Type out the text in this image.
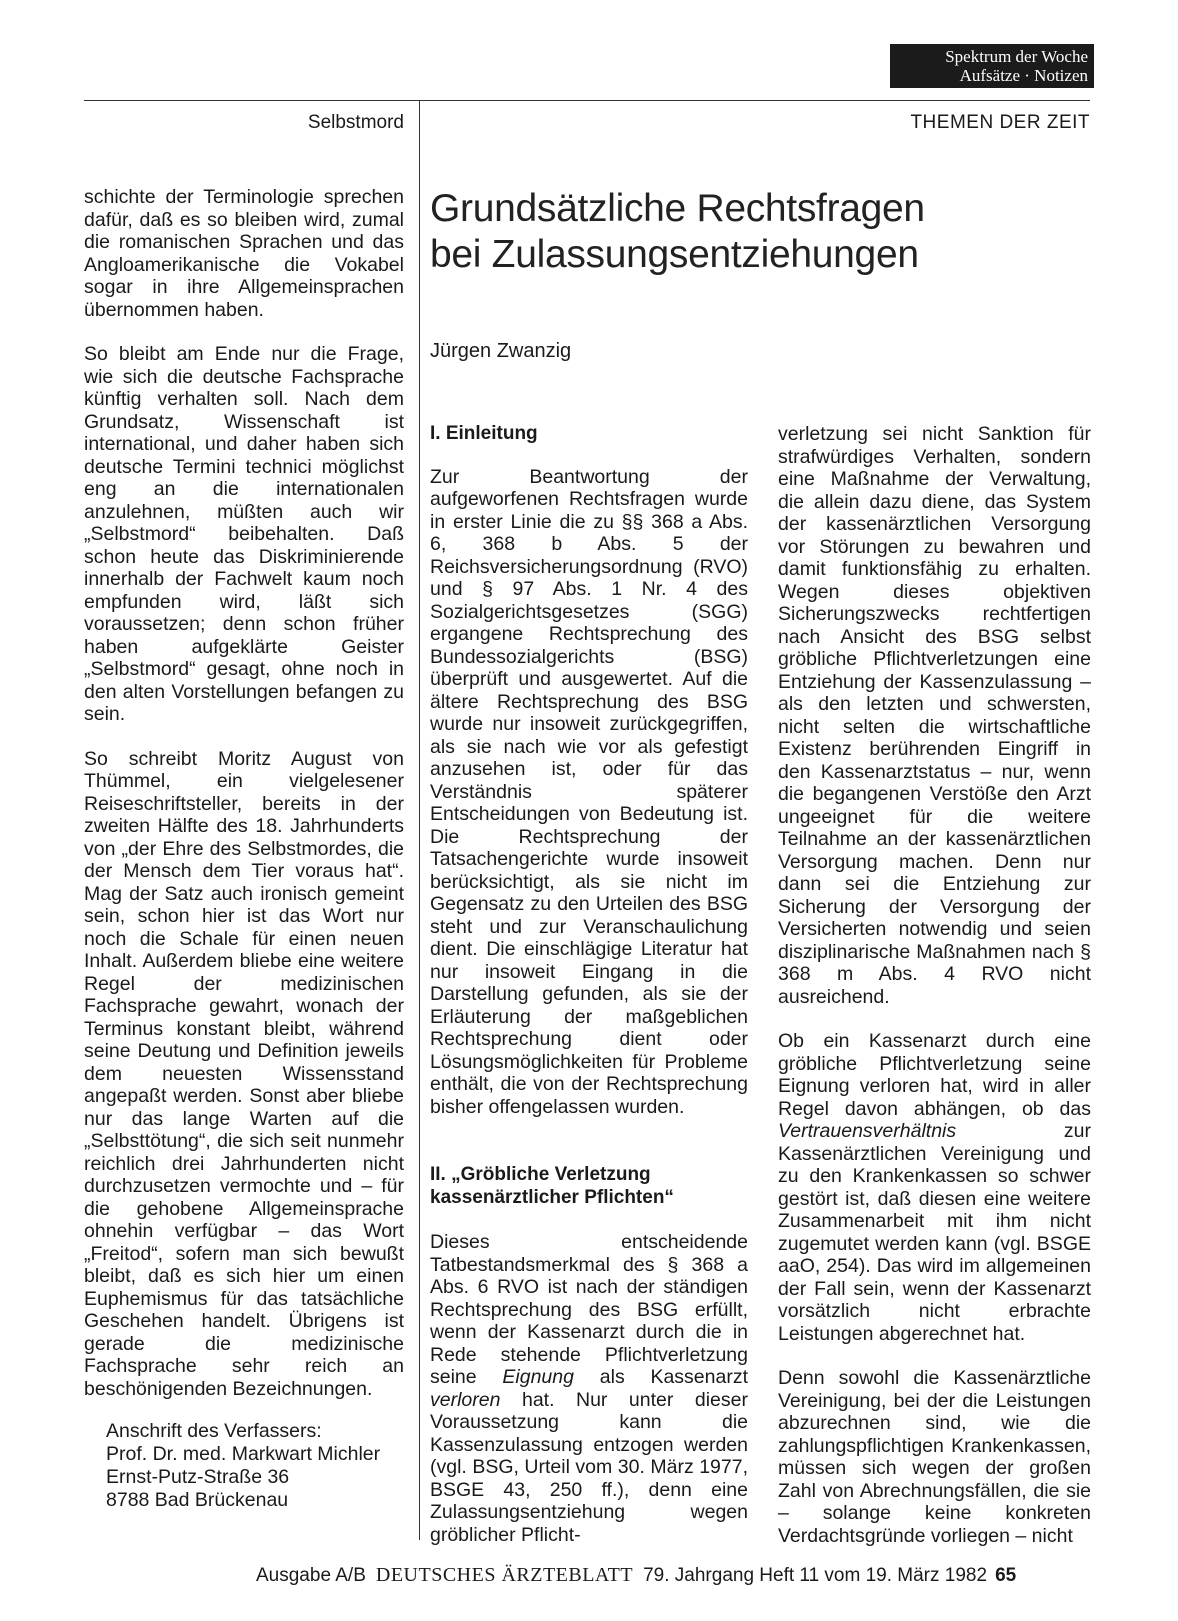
Spektrum der Woche
Aufsätze · Notizen
Selbstmord	THEMEN DER ZEIT
Grundsätzliche Rechtsfragen
bei Zulassungsentziehungen
Jürgen Zwanzig

schichte der Terminologie sprechen dafür, daß es so bleiben wird, zumal die romanischen Sprachen und das Angloamerikanische die Vokabel sogar in ihre Allgemeinsprachen übernommen haben.

So bleibt am Ende nur die Frage, wie sich die deutsche Fachsprache künftig verhalten soll. Nach dem Grundsatz, Wissenschaft ist international, und daher haben sich deutsche Termini technici möglichst eng an die internationalen anzulehnen, müßten auch wir „Selbstmord“ beibehalten. Daß schon heute das Diskriminierende innerhalb der Fachwelt kaum noch empfunden wird, läßt sich voraussetzen; denn schon früher haben aufgeklärte Geister „Selbstmord“ gesagt, ohne noch in den alten Vorstellungen befangen zu sein.

So schreibt Moritz August von Thümmel, ein vielgelesener Reiseschriftsteller, bereits in der zweiten Hälfte des 18. Jahrhunderts von „der Ehre des Selbstmordes, die der Mensch dem Tier voraus hat“. Mag der Satz auch ironisch gemeint sein, schon hier ist das Wort nur noch die Schale für einen neuen Inhalt. Außerdem bliebe eine weitere Regel der medizinischen Fachsprache gewahrt, wonach der Terminus konstant bleibt, während seine Deutung und Definition jeweils dem neuesten Wissensstand angepaßt werden. Sonst aber bliebe nur das lange Warten auf die „Selbsttötung“, die sich seit nunmehr reichlich drei Jahrhunderten nicht durchzusetzen vermochte und – für die gehobene Allgemeinsprache ohnehin verfügbar – das Wort „Freitod“, sofern man sich bewußt bleibt, daß es sich hier um einen Euphemismus für das tatsächliche Geschehen handelt. Übrigens ist gerade die medizinische Fachsprache sehr reich an beschönigenden Bezeichnungen.

Anschrift des Verfassers:
Prof. Dr. med. Markwart Michler
Ernst-Putz-Straße 36
8788 Bad Brückenau
I. Einleitung

Zur Beantwortung der aufgeworfenen Rechtsfragen wurde in erster Linie die zu §§ 368 a Abs. 6, 368 b Abs. 5 der Reichsversicherungsordnung (RVO) und § 97 Abs. 1 Nr. 4 des Sozialgerichtsgesetzes (SGG) ergangene Rechtsprechung des Bundessozialgerichts (BSG) überprüft und ausgewertet. Auf die ältere Rechtsprechung des BSG wurde nur insoweit zurückgegriffen, als sie nach wie vor als gefestigt anzusehen ist, oder für das Verständnis späterer Entscheidungen von Bedeutung ist. Die Rechtsprechung der Tatsachengerichte wurde insoweit berücksichtigt, als sie nicht im Gegensatz zu den Urteilen des BSG steht und zur Veranschaulichung dient. Die einschlägige Literatur hat nur insoweit Eingang in die Darstellung gefunden, als sie der Erläuterung der maßgeblichen Rechtsprechung dient oder Lösungsmöglichkeiten für Probleme enthält, die von der Rechtsprechung bisher offengelassen wurden.

II. „Gröbliche Verletzung
kassenärztlicher Pflichten“

Dieses entscheidende Tatbestandsmerkmal des § 368 a Abs. 6 RVO ist nach der ständigen Rechtsprechung des BSG erfüllt, wenn der Kassenarzt durch die in Rede stehende Pflichtverletzung seine Eignung als Kassenarzt verloren hat. Nur unter dieser Voraussetzung kann die Kassenzulassung entzogen werden (vgl. BSG, Urteil vom 30. März 1977, BSGE 43, 250 ff.), denn eine Zulassungsentziehung wegen gröblicher Pflicht-

verletzung sei nicht Sanktion für strafwürdiges Verhalten, sondern eine Maßnahme der Verwaltung, die allein dazu diene, das System der kassenärztlichen Versorgung vor Störungen zu bewahren und damit funktionsfähig zu erhalten. Wegen dieses objektiven Sicherungszwecks rechtfertigen nach Ansicht des BSG selbst gröbliche Pflichtverletzungen eine Entziehung der Kassenzulassung – als den letzten und schwersten, nicht selten die wirtschaftliche Existenz berührenden Eingriff in den Kassenarztstatus – nur, wenn die begangenen Verstöße den Arzt ungeeignet für die weitere Teilnahme an der kassenärztlichen Versorgung machen. Denn nur dann sei die Entziehung zur Sicherung der Versorgung der Versicherten notwendig und seien disziplinarische Maßnahmen nach § 368 m Abs. 4 RVO nicht ausreichend.

Ob ein Kassenarzt durch eine gröbliche Pflichtverletzung seine Eignung verloren hat, wird in aller Regel davon abhängen, ob das Vertrauensverhältnis	zur Kassenärztlichen Vereinigung und zu den Krankenkassen so schwer gestört ist, daß diesen eine weitere Zusammenarbeit mit ihm nicht zugemutet werden kann (vgl. BSGE aaO, 254). Das wird im allgemeinen der Fall sein, wenn der Kassenarzt vorsätzlich nicht erbrachte Leistungen abgerechnet hat.

Denn sowohl die Kassenärztliche Vereinigung, bei der die Leistungen abzurechnen sind, wie die zahlungspflichtigen Krankenkassen, müssen sich wegen der großen Zahl von Abrechnungsfällen, die sie – solange keine konkreten Verdachtsgründe vorliegen – nicht

Ausgabe A/B DEUTSCHES ÄRZTEBLATT 79. Jahrgang Heft 11 vom 19. März 1982 65
